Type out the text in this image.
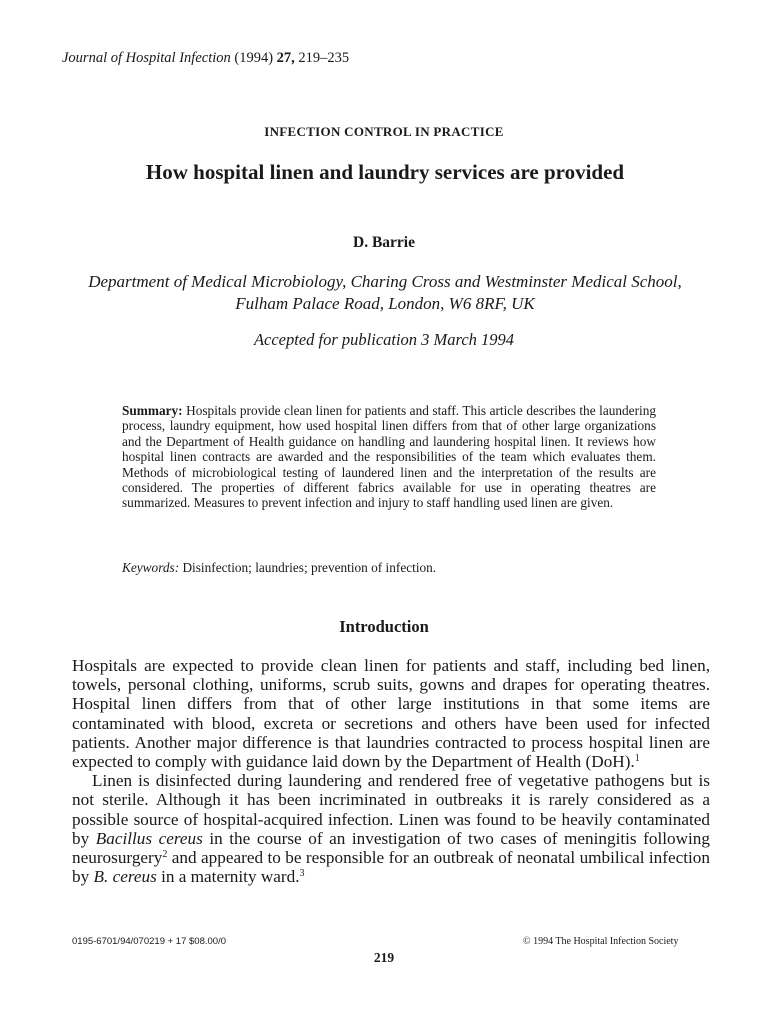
Journal of Hospital Infection (1994) 27, 219–235
INFECTION CONTROL IN PRACTICE
How hospital linen and laundry services are provided
D. Barrie
Department of Medical Microbiology, Charing Cross and Westminster Medical School, Fulham Palace Road, London, W6 8RF, UK
Accepted for publication 3 March 1994
Summary: Hospitals provide clean linen for patients and staff. This article describes the laundering process, laundry equipment, how used hospital linen differs from that of other large organizations and the Department of Health guidance on handling and laundering hospital linen. It reviews how hospital linen contracts are awarded and the responsibilities of the team which evaluates them. Methods of microbiological testing of laundered linen and the interpretation of the results are considered. The properties of different fabrics available for use in operating theatres are summarized. Measures to prevent infection and injury to staff handling used linen are given.
Keywords: Disinfection; laundries; prevention of infection.
Introduction

Hospitals are expected to provide clean linen for patients and staff, including bed linen, towels, personal clothing, uniforms, scrub suits, gowns and drapes for operating theatres. Hospital linen differs from that of other large institutions in that some items are contaminated with blood, excreta or secretions and others have been used for infected patients. Another major difference is that laundries contracted to process hospital linen are expected to comply with guidance laid down by the Department of Health (DoH).$^1$

Linen is disinfected during laundering and rendered free of vegetative pathogens but is not sterile. Although it has been incriminated in outbreaks it is rarely considered as a possible source of hospital-acquired infection. Linen was found to be heavily contaminated by Bacillus cereus in the course of an investigation of two cases of meningitis following neurosurgery$^2$ and appeared to be responsible for an outbreak of neonatal umbilical infection by B. cereus in a maternity ward.$^3$

0195-6701/94/070219 + 17 $08.00/0	© 1994 The Hospital Infection Society
219
